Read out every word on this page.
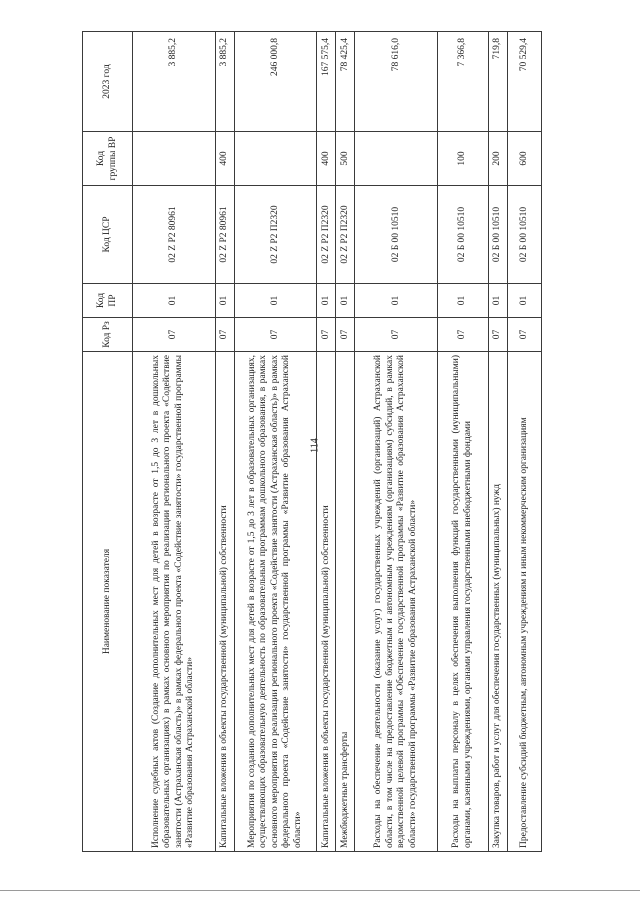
114
Наименование показателя	Код Рз	Код ПР	Код ЦСР	Код группы ВР	2023 год
Исполнение судебных актов (Создание дополнительных мест для детей в возрасте от 1,5 до 3 лет в дошкольных образовательных организациях) в рамках основного мероприятия по реализации регионального проекта «Содействие занятости (Астраханская область)» в рамках федерального проекта «Содействие занятости» государственной программы «Развитие образования Астраханской области»	07	01	02 Z P2 80961		3 885,2
Капитальные вложения в объекты государственной (муниципальной) собственности	07	01	02 Z P2 80961	400	3 885,2
Мероприятия по созданию дополнительных мест для детей в возрасте от 1,5 до 3 лет в образовательных организациях, осуществляющих образовательную деятельность по образовательным программам дошкольного образования, в рамках основного мероприятия по реализации регионального проекта «Содействие занятости (Астраханская область)» в рамках федерального проекта «Содействие занятости» государственной программы «Развитие образования Астраханской области»	07	01	02 Z P2 П2320		246 000,8
Капитальные вложения в объекты государственной (муниципальной) собственности	07	01	02 Z P2 П2320	400	167 575,4
Межбюджетные трансферты	07	01	02 Z P2 П2320	500	78 425,4
Расходы на обеспечение деятельности (оказание услуг) государственных учреждений (организаций) Астраханской области, в том числе на предоставление бюджетным и автономным учреждениям (организациям) субсидий, в рамках ведомственной целевой программы «Обеспечение государственной программы «Развитие образования Астраханской области» государственной программы «Развитие образования Астраханской области»	07	01	02 Б 00 10510		78 616,0
Расходы на выплаты персоналу в целях обеспечения выполнения функций государственными (муниципальными) органами, казенными учреждениями, органами управления государственными внебюджетными фондами	07	01	02 Б 00 10510	100	7 366,8
Закупка товаров, работ и услуг для обеспечения государственных (муниципальных) нужд	07	01	02 Б 00 10510	200	719,8
Предоставление субсидий бюджетным, автономным учреждениям и иным некоммерческим организациям	07	01	02 Б 00 10510	600	70 529,4
